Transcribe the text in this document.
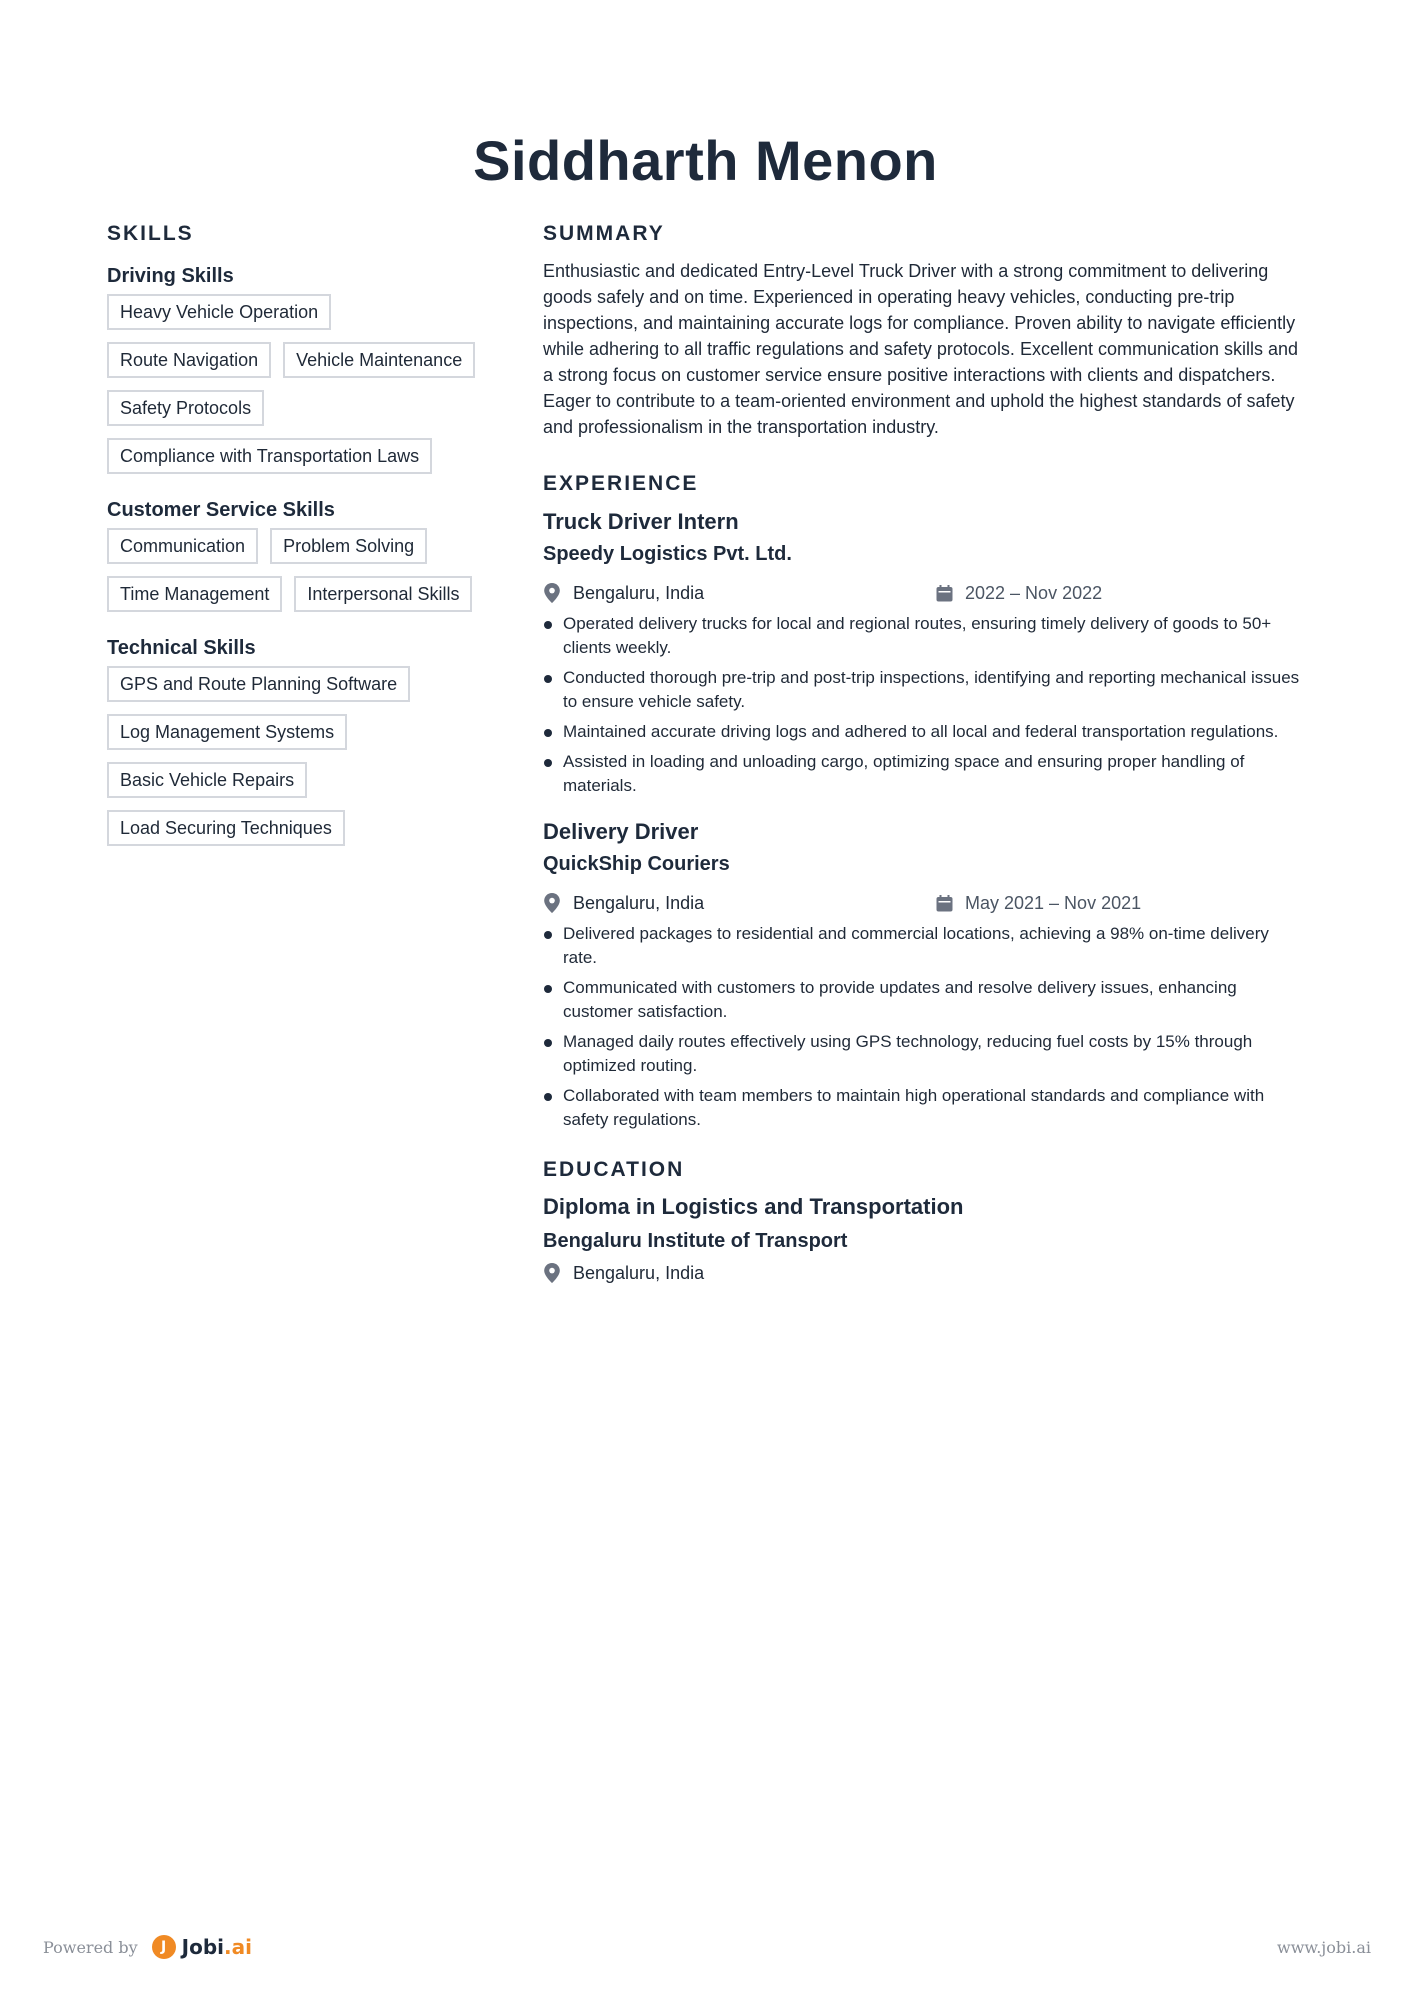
Siddharth Menon
SKILLS
Driving Skills
Heavy Vehicle Operation
Route Navigation	Vehicle Maintenance
Safety Protocols
Compliance with Transportation Laws
Customer Service Skills
Communication	Problem Solving
Time Management	Interpersonal Skills
Technical Skills
GPS and Route Planning Software
Log Management Systems
Basic Vehicle Repairs
Load Securing Techniques
SUMMARY

Enthusiastic and dedicated Entry-Level Truck Driver with a strong commitment to delivering goods safely and on time. Experienced in operating heavy vehicles, conducting pre-trip inspections, and maintaining accurate logs for compliance. Proven ability to navigate efficiently while adhering to all traffic regulations and safety protocols. Excellent communication skills and a strong focus on customer service ensure positive interactions with clients and dispatchers. Eager to contribute to a team-oriented environment and uphold the highest standards of safety and professionalism in the transportation industry.

EXPERIENCE
Truck Driver Intern
Speedy Logistics Pvt. Ltd.
Bengaluru, India	2022 – Nov 2022
Operated delivery trucks for local and regional routes, ensuring timely delivery of goods to 50+ clients weekly.
Conducted thorough pre-trip and post-trip inspections, identifying and reporting mechanical issues to ensure vehicle safety.
Maintained accurate driving logs and adhered to all local and federal transportation regulations.
Assisted in loading and unloading cargo, optimizing space and ensuring proper handling of materials.
Delivery Driver
QuickShip Couriers
Bengaluru, India	May 2021 – Nov 2021
Delivered packages to residential and commercial locations, achieving a 98% on-time delivery rate.
Communicated with customers to provide updates and resolve delivery issues, enhancing customer satisfaction.
Managed daily routes effectively using GPS technology, reducing fuel costs by 15% through optimized routing.
Collaborated with team members to maintain high operational standards and compliance with safety regulations.
EDUCATION
Diploma in Logistics and Transportation
Bengaluru Institute of Transport
Bengaluru, India
Powered by	J Jobi.ai	www.jobi.ai
